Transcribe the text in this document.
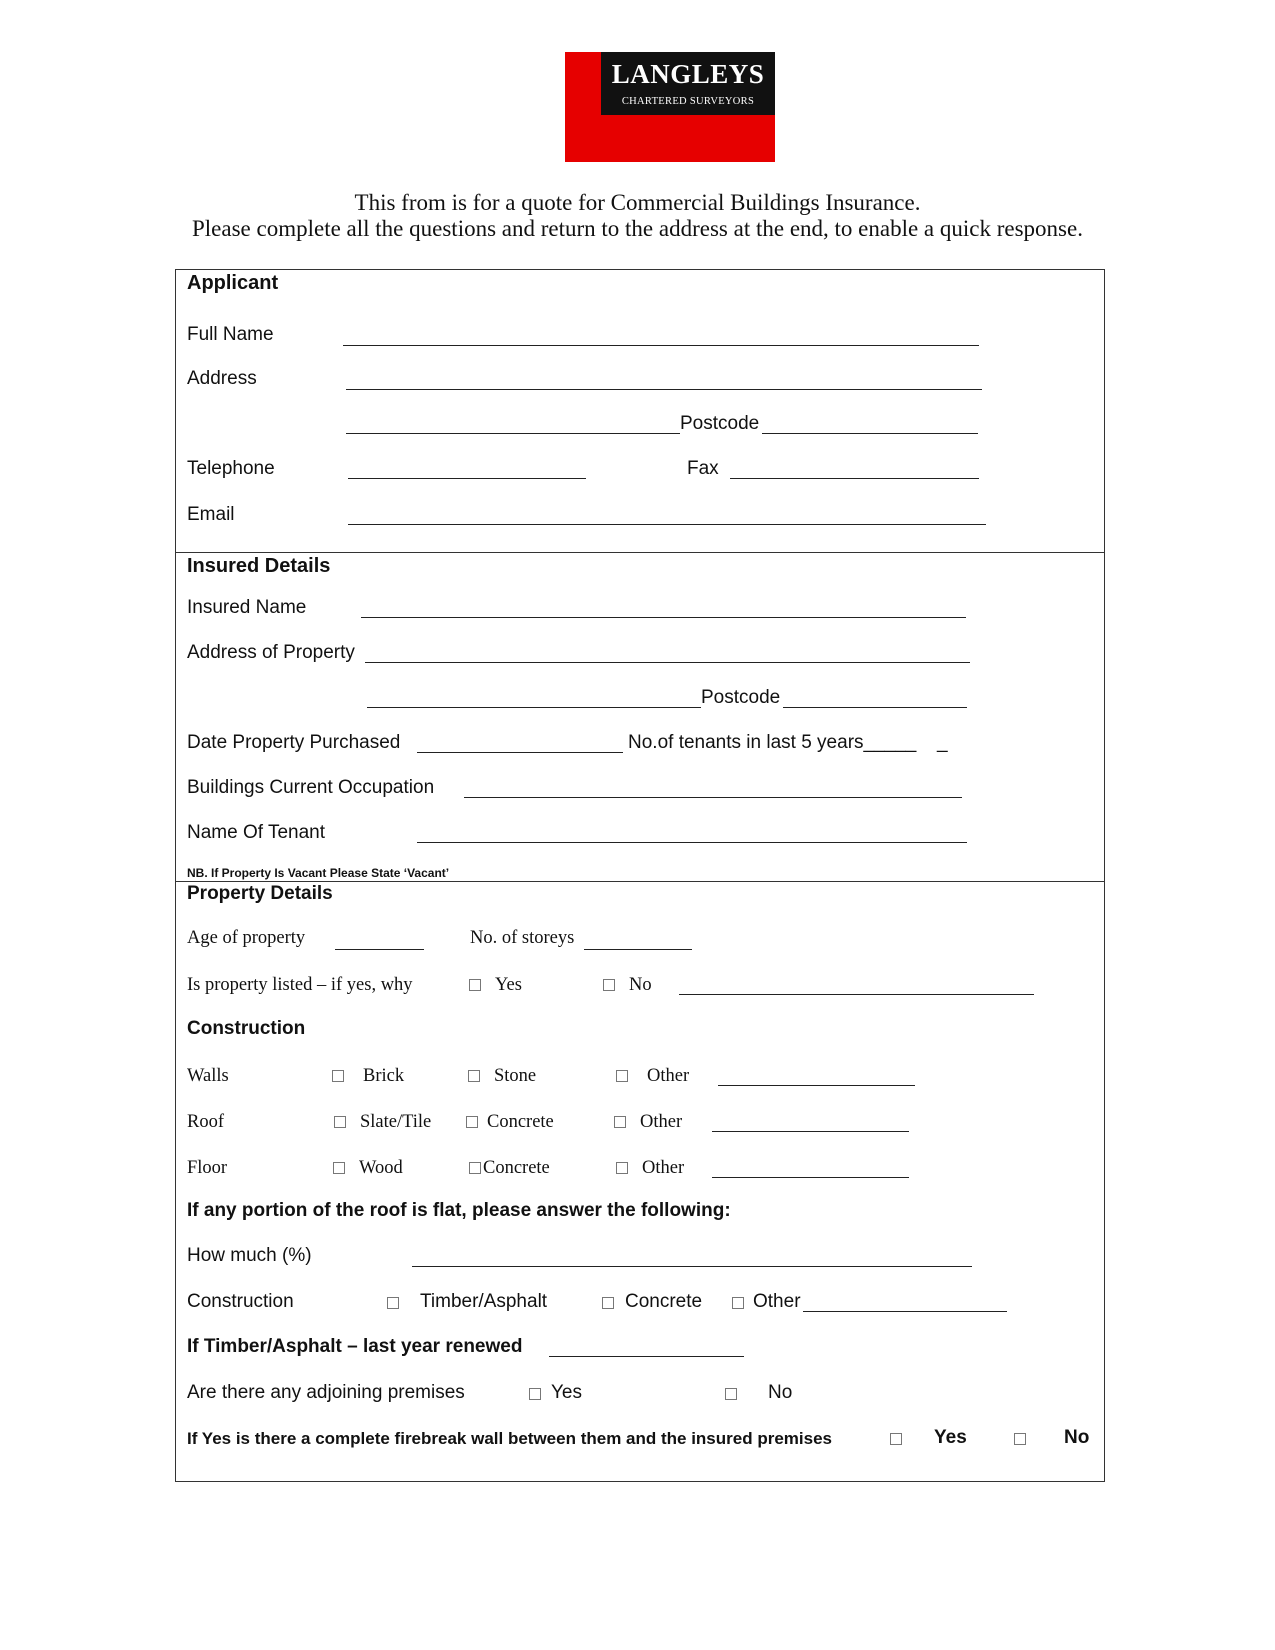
LANGLEYS
CHARTERED SURVEYORS
This from is for a quote for Commercial Buildings Insurance.
Please complete all the questions and return to the address at the end, to enable a quick response.
Applicant
Full Name
Address
Postcode
Telephone	Fax
Email
Insured Details
Insured Name
Address of Property
Postcode
Date Property Purchased	No.of tenants in last 5 years_____ _
Buildings Current Occupation
Name Of Tenant
NB. If Property Is Vacant Please State ‘Vacant’
Property Details
Age of property	No. of storeys
Is property listed – if yes, why	Yes	No
Construction
Walls	Brick	Stone	Other
Roof	Slate/Tile	Concrete	Other
Floor	Wood	Concrete	Other
If any portion of the roof is flat, please answer the following:
How much (%)
Construction	Timber/Asphalt	Concrete	Other
If Timber/Asphalt – last year renewed
Are there any adjoining premises	Yes	No
If Yes is there a complete firebreak wall between them and the insured premises	Yes	No
